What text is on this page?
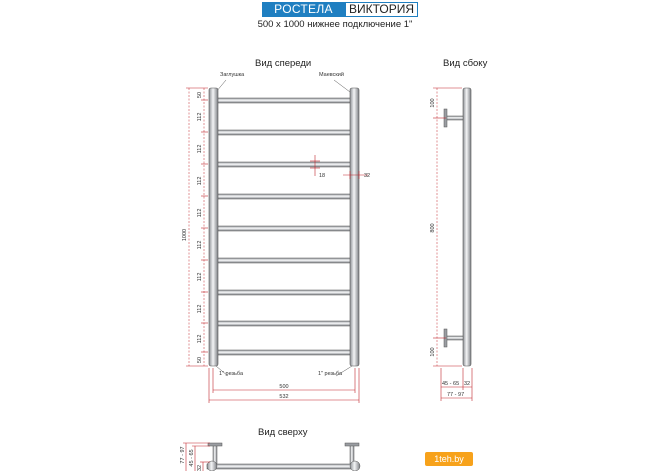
РОСТЕЛА	ВИКТОРИЯ
500 х 1000 нижнее подключение 1"
Вид спереди	Вид сбоку
Вид сверху
Заглушка	Маевский
1" резьба	1" резьба
1000
50
112
112
112
112
112
112
112
112
50
18	32
500
532
100
800
100
45 - 65 32
77 - 97
77 - 97 45 - 65
32
1teh.by
